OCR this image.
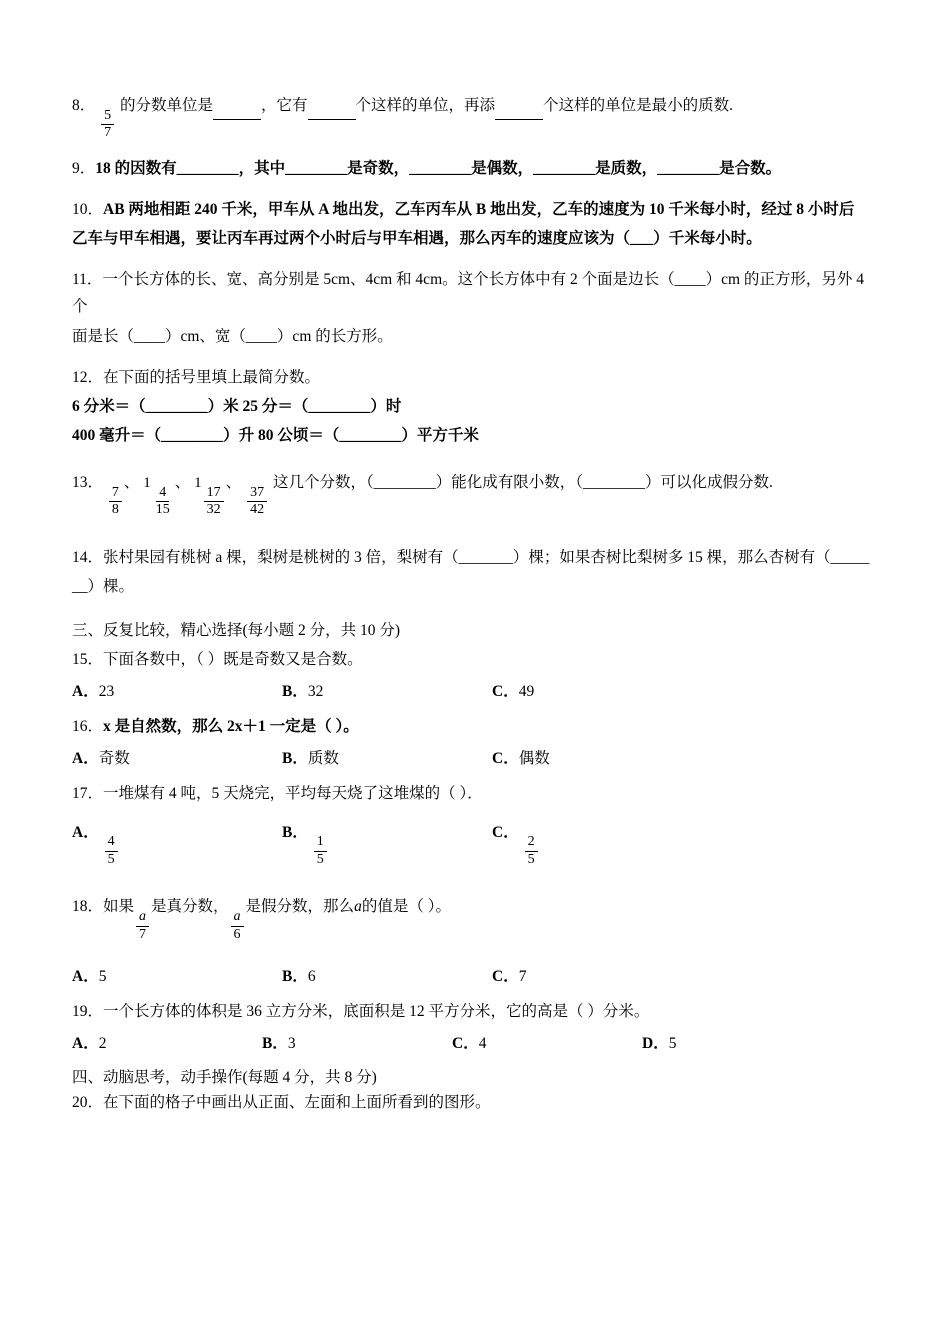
8．
$\frac{5}{7}$
的分数单位是	，它有	个这样的单位，再添	个这样的单位是最小的质数.
9．18 的因数有________，其中________是奇数，________是偶数，________是质数，________是合数。
10．AB 两地相距 240 千米，甲车从 A 地出发，乙车丙车从 B 地出发，乙车的速度为 10 千米每小时，经过 8 小时后
乙车与甲车相遇，要让丙车再过两个小时后与甲车相遇，那么丙车的速度应该为（___）千米每小时。
11．一个长方体的长、宽、高分别是 5cm、4cm 和 4cm。这个长方体中有 2 个面是边长（____）cm 的正方形，另外 4 个
面是长（____）cm、宽（____）cm 的长方形。
12．在下面的括号里填上最简分数。
6 分米＝（________）米 25 分＝（________）时
400 毫升＝（________）升 80 公顷＝（________）平方千米
13．
$\frac{7}{8}$
、 1
$\frac{4}{15}$
、 1
$\frac{17}{32}$
、
$\frac{37}{42}$
这几个分数，（________）能化成有限小数，（________）可以化成假分数.
14．张村果园有桃树 a 棵，梨树是桃树的 3 倍，梨树有（_______）棵；如果杏树比梨树多 15 棵，那么杏树有（_____
__）棵。
三、反复比较，精心选择(每小题 2 分，共 10 分)
15．下面各数中，（ ）既是奇数又是合数。
A．23	B．32	C．49
16．x 是自然数，那么 2x＋1 一定是（ ）。
A．奇数	B．质数	C．偶数
17．一堆煤有 4 吨，5 天烧完，平均每天烧了这堆煤的（ ）．
A．
$\frac{4}{5}$
B．
$\frac{1}{5}$
C．
$\frac{2}{5}$
18．如果
$\frac{a}{7}$
是真分数，
$\frac{a}{6}$
是假分数，那么a的值是（ ）。
A．5	B．6	C．7
19．一个长方体的体积是 36 立方分米，底面积是 12 平方分米，它的高是（ ）分米。
A．2	B．3	C．4	D．5
四、动脑思考，动手操作(每题 4 分，共 8 分)
20．在下面的格子中画出从正面、左面和上面所看到的图形。
